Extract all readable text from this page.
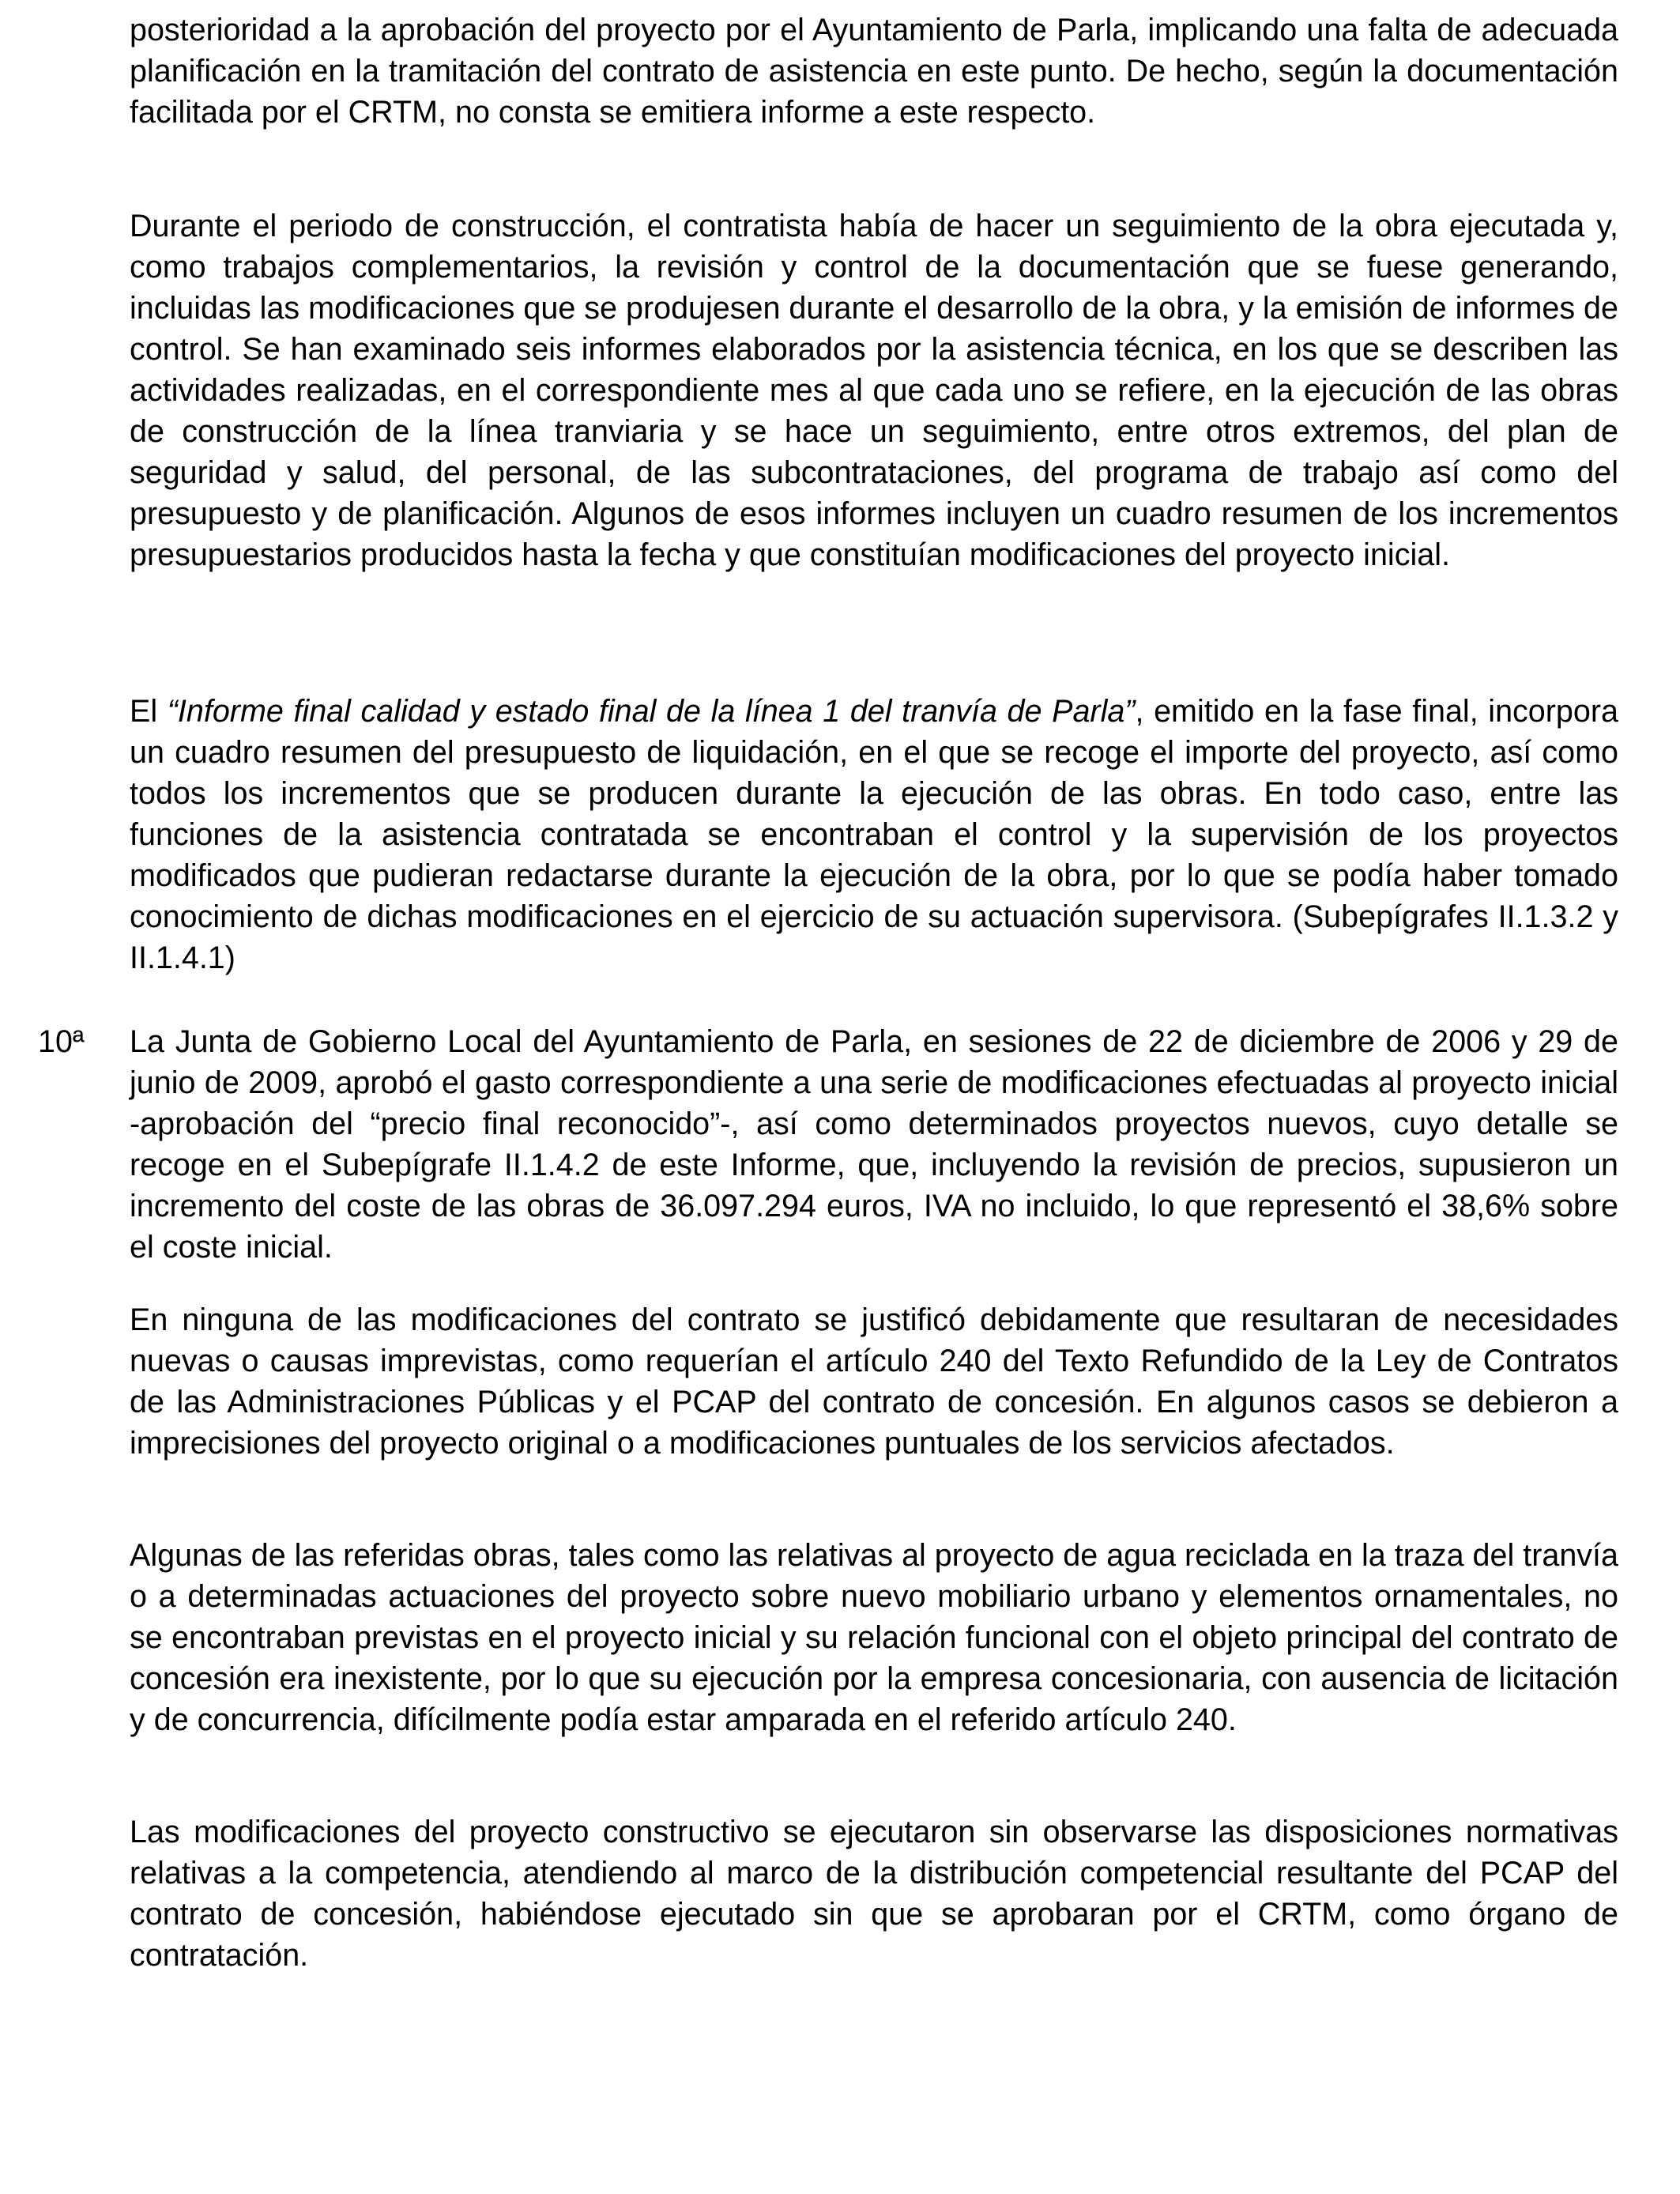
posterioridad a la aprobación del proyecto por el Ayuntamiento de Parla, implicando una falta de adecuada planificación en la tramitación del contrato de asistencia en este punto. De hecho, según la documentación facilitada por el CRTM, no consta se emitiera informe a este respecto.

Durante el periodo de construcción, el contratista había de hacer un seguimiento de la obra ejecutada y, como trabajos complementarios, la revisión y control de la documentación que se fuese generando, incluidas las modificaciones que se produjesen durante el desarrollo de la obra, y la emisión de informes de control. Se han examinado seis informes elaborados por la asistencia técnica, en los que se describen las actividades realizadas, en el correspondiente mes al que cada uno se refiere, en la ejecución de las obras de construcción de la línea tranviaria y se hace un seguimiento, entre otros extremos, del plan de seguridad y salud, del personal, de las subcontrataciones, del programa de trabajo así como del presupuesto y de planificación. Algunos de esos informes incluyen un cuadro resumen de los incrementos presupuestarios producidos hasta la fecha y que constituían modificaciones del proyecto inicial.

El “Informe final calidad y estado final de la línea 1 del tranvía de Parla”, emitido en la fase final, incorpora un cuadro resumen del presupuesto de liquidación, en el que se recoge el importe del proyecto, así como todos los incrementos que se producen durante la ejecución de las obras. En todo caso, entre las funciones de la asistencia contratada se encontraban el control y la supervisión de los proyectos modificados que pudieran redactarse durante la ejecución de la obra, por lo que se podía haber tomado conocimiento de dichas modificaciones en el ejercicio de su actuación supervisora. (Subepígrafes II.1.3.2 y II.1.4.1)

10ª La Junta de Gobierno Local del Ayuntamiento de Parla, en sesiones de 22 de diciembre de 2006 y 29 de junio de 2009, aprobó el gasto correspondiente a una serie de modificaciones efectuadas al proyecto inicial -aprobación del “precio final reconocido”-, así como determinados proyectos nuevos, cuyo detalle se recoge en el Subepígrafe II.1.4.2 de este Informe, que, incluyendo la revisión de precios, supusieron un incremento del coste de las obras de 36.097.294 euros, IVA no incluido, lo que representó el 38,6% sobre el coste inicial.

En ninguna de las modificaciones del contrato se justificó debidamente que resultaran de necesidades nuevas o causas imprevistas, como requerían el artículo 240 del Texto Refundido de la Ley de Contratos de las Administraciones Públicas y el PCAP del contrato de concesión. En algunos casos se debieron a imprecisiones del proyecto original o a modificaciones puntuales de los servicios afectados.

Algunas de las referidas obras, tales como las relativas al proyecto de agua reciclada en la traza del tranvía o a determinadas actuaciones del proyecto sobre nuevo mobiliario urbano y elementos ornamentales, no se encontraban previstas en el proyecto inicial y su relación funcional con el objeto principal del contrato de concesión era inexistente, por lo que su ejecución por la empresa concesionaria, con ausencia de licitación y de concurrencia, difícilmente podía estar amparada en el referido artículo 240.

Las modificaciones del proyecto constructivo se ejecutaron sin observarse las disposiciones normativas relativas a la competencia, atendiendo al marco de la distribución competencial resultante del PCAP del contrato de concesión, habiéndose ejecutado sin que se aprobaran por el CRTM, como órgano de contratación.
